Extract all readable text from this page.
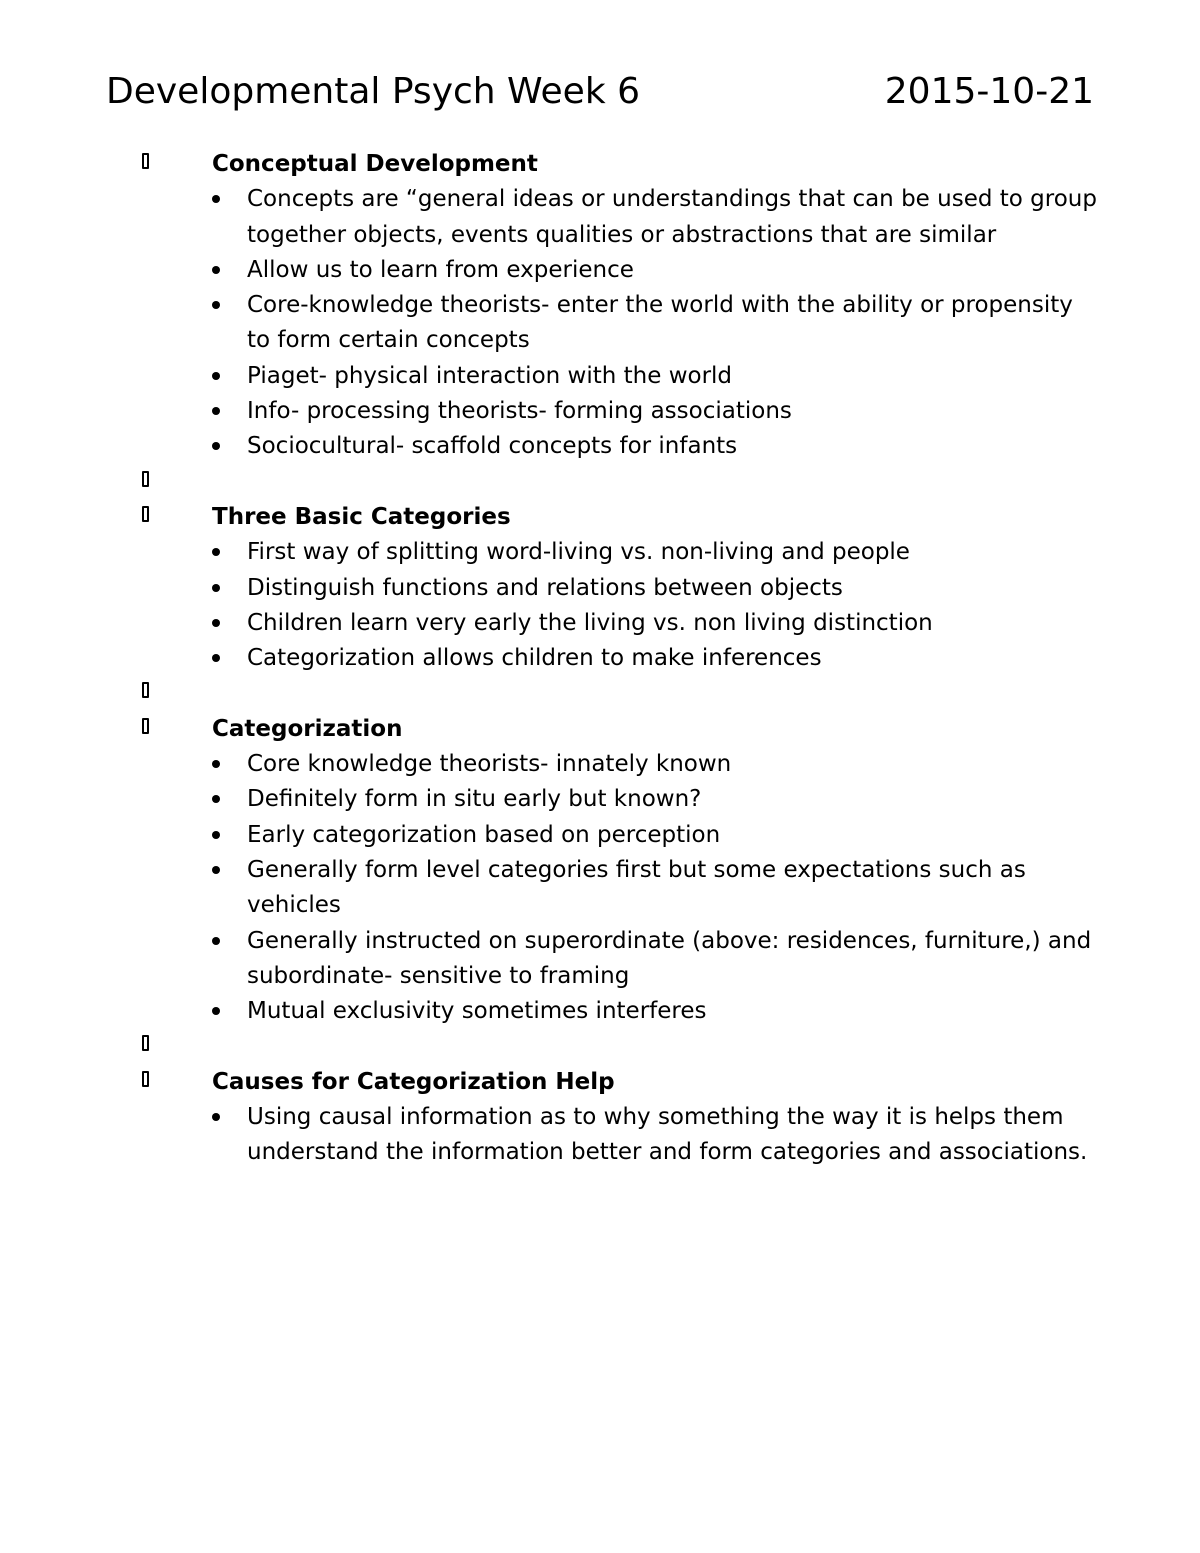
Developmental Psych Week 6	2015-10-21
Conceptual Development
Concepts are “general ideas or understandings that can be used to group together objects, events qualities or abstractions that are similar
Allow us to learn from experience
Core-knowledge theorists- enter the world with the ability or propensity to form certain concepts
Piaget- physical interaction with the world
Info- processing theorists- forming associations
Sociocultural- scaffold concepts for infants
Three Basic Categories
First way of splitting word-living vs. non-living and people
Distinguish functions and relations between objects
Children learn very early the living vs. non living distinction
Categorization allows children to make inferences
Categorization
Core knowledge theorists- innately known
Definitely form in situ early but known?
Early categorization based on perception
Generally form level categories first but some expectations such as vehicles
Generally instructed on superordinate (above: residences, furniture,) and subordinate- sensitive to framing
Mutual exclusivity sometimes interferes
Causes for Categorization Help
Using causal information as to why something the way it is helps them understand the information better and form categories and associations.
